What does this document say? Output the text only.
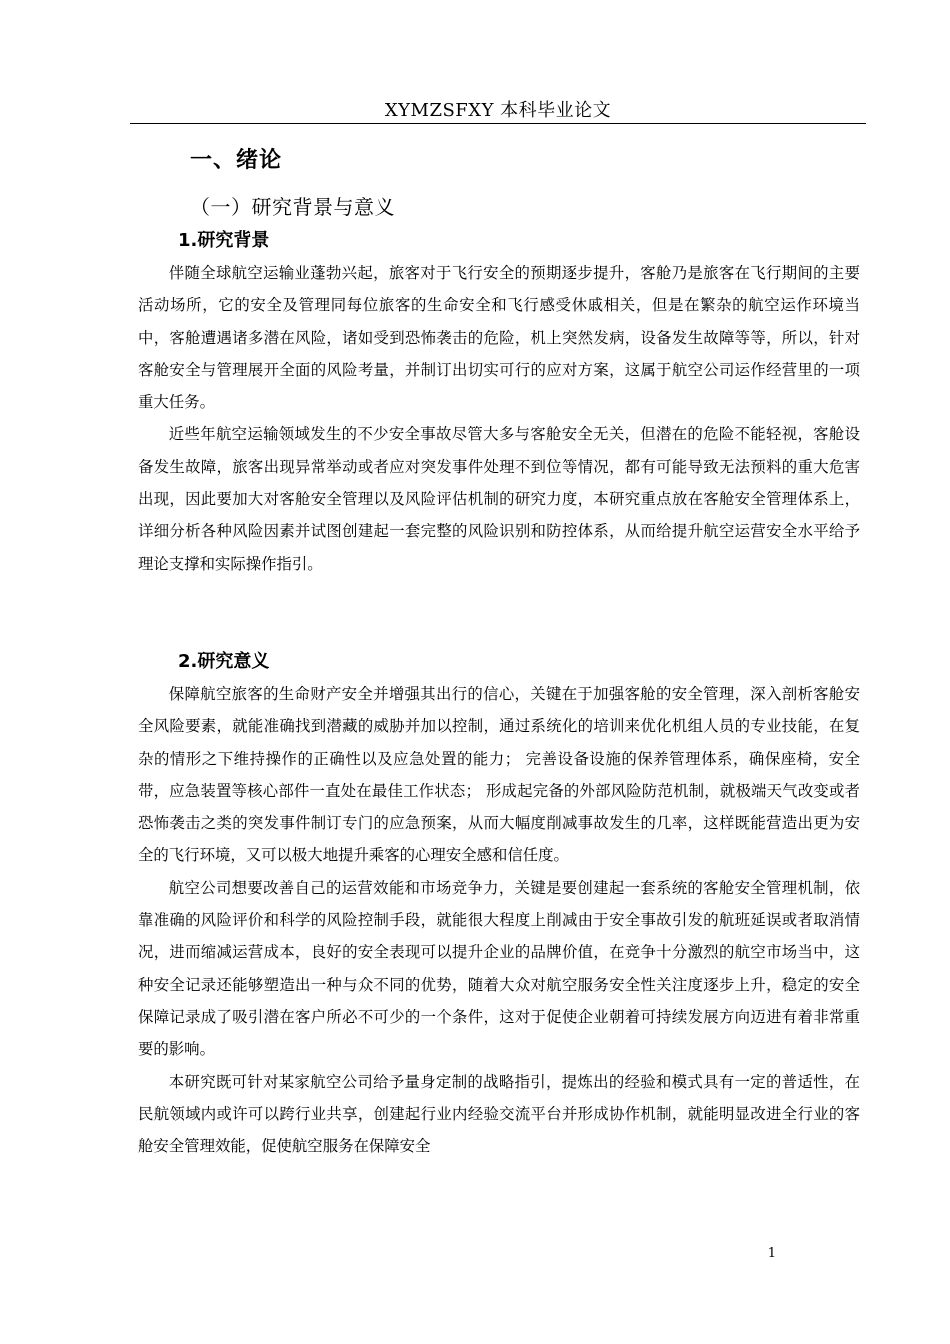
XYMZSFXY 本科毕业论文
一、绪论
（一）研究背景与意义
1.研究背景

伴随全球航空运输业蓬勃兴起，旅客对于飞行安全的预期逐步提升，客舱乃是旅客在飞行期间的主要活动场所，它的安全及管理同每位旅客的生命安全和飞行感受休戚相关，但是在繁杂的航空运作环境当中，客舱遭遇诸多潜在风险，诸如受到恐怖袭击的危险，机上突然发病，设备发生故障等等，所以，针对客舱安全与管理展开全面的风险考量，并制订出切实可行的应对方案，这属于航空公司运作经营里的一项重大任务。

近些年航空运输领域发生的不少安全事故尽管大多与客舱安全无关，但潜在的危险不能轻视，客舱设备发生故障，旅客出现异常举动或者应对突发事件处理不到位等情况，都有可能导致无法预料的重大危害出现，因此要加大对客舱安全管理以及风险评估机制的研究力度，本研究重点放在客舱安全管理体系上，详细分析各种风险因素并试图创建起一套完整的风险识别和防控体系，从而给提升航空运营安全水平给予理论支撑和实际操作指引。

2.研究意义

保障航空旅客的生命财产安全并增强其出行的信心，关键在于加强客舱的安全管理，深入剖析客舱安全风险要素，就能准确找到潜藏的威胁并加以控制，通过系统化的培训来优化机组人员的专业技能，在复杂的情形之下维持操作的正确性以及应急处置的能力； 完善设备设施的保养管理体系，确保座椅，安全带，应急装置等核心部件一直处在最佳工作状态； 形成起完备的外部风险防范机制，就极端天气改变或者恐怖袭击之类的突发事件制订专门的应急预案，从而大幅度削减事故发生的几率，这样既能营造出更为安全的飞行环境，又可以极大地提升乘客的心理安全感和信任度。

航空公司想要改善自己的运营效能和市场竞争力，关键是要创建起一套系统的客舱安全管理机制，依靠准确的风险评价和科学的风险控制手段，就能很大程度上削减由于安全事故引发的航班延误或者取消情况，进而缩减运营成本，良好的安全表现可以提升企业的品牌价值，在竞争十分激烈的航空市场当中，这种安全记录还能够塑造出一种与众不同的优势，随着大众对航空服务安全性关注度逐步上升，稳定的安全保障记录成了吸引潜在客户所必不可少的一个条件，这对于促使企业朝着可持续发展方向迈进有着非常重要的影响。

本研究既可针对某家航空公司给予量身定制的战略指引，提炼出的经验和模式具有一定的普适性，在民航领域内或许可以跨行业共享，创建起行业内经验交流平台并形成协作机制，就能明显改进全行业的客舱安全管理效能，促使航空服务在保障安全

1
